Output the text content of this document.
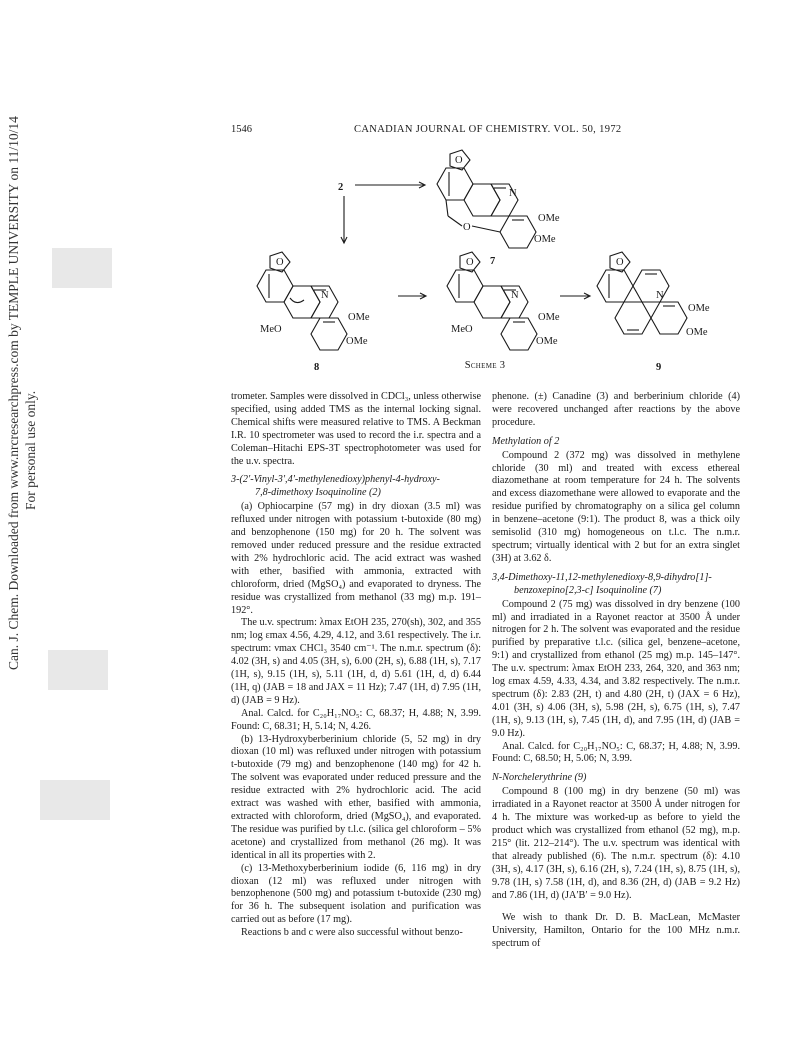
Can. J. Chem. Downloaded from www.nrcresearchpress.com by TEMPLE UNIVERSITY on 11/10/14 For personal use only.
1546	CANADIAN JOURNAL OF CHEMISTRY. VOL. 50, 1972
2
7
8	9
O
N
O
OMe
OMe
O
N
OMe
MeO
OMe
O
N
OMe
MeO
OMe
O
N
OMe
OMe
Scheme 3

trometer. Samples were dissolved in CDCl₃, unless otherwise specified, using added TMS as the internal locking signal. Chemical shifts were measured relative to TMS. A Beckman I.R. 10 spectrometer was used to record the i.r. spectra and a Coleman–Hitachi EPS-3T spectrophotometer was used for the u.v. spectra.

3-(2′-Vinyl-3′,4′-methylenedioxy)phenyl-4-hydroxy-
7,8-dimethoxy Isoquinoline (2)

(a) Ophiocarpine (57 mg) in dry dioxan (3.5 ml) was refluxed under nitrogen with potassium t-butoxide (80 mg) and benzophenone (150 mg) for 20 h. The solvent was removed under reduced pressure and the residue extracted with 2% hydrochloric acid. The acid extract was washed with ether, basified with ammonia, extracted with chloroform, dried (MgSO₄) and evaporated to dryness. The residue was crystallized from methanol (33 mg) m.p. 191–192°.

The u.v. spectrum: λmax EtOH 235, 270(sh), 302, and 355 nm; log εmax 4.56, 4.29, 4.12, and 3.61 respectively. The i.r. spectrum: νmax CHCl₃ 3540 cm⁻¹. The n.m.r. spectrum (δ): 4.02 (3H, s) and 4.05 (3H, s), 6.00 (2H, s), 6.88 (1H, s), 7.17 (1H, s), 9.15 (1H, s), 5.11 (1H, d, d) 5.61 (1H, d, d) 6.44 (1H, q) (JAB = 18 and JAX = 11 Hz); 7.47 (1H, d) 7.95 (1H, d) (JAB = 9 Hz).

Anal. Calcd. for C₂₀H₁₇NO₅: C, 68.37; H, 4.88; N, 3.99. Found: C, 68.31; H, 5.14; N, 4.26.

(b) 13-Hydroxyberberinium chloride (5, 52 mg) in dry dioxan (10 ml) was refluxed under nitrogen with potassium t-butoxide (79 mg) and benzophenone (140 mg) for 42 h. The solvent was evaporated under reduced pressure and the residue extracted with 2% hydrochloric acid. The acid extract was washed with ether, basified with ammonia, extracted with chloroform, dried (MgSO₄), and evaporated. The residue was purified by t.l.c. (silica gel chloroform – 5% acetone) and crystallized from methanol (26 mg). It was identical in all its properties with 2.

(c) 13-Methoxyberberinium iodide (6, 116 mg) in dry dioxan (12 ml) was refluxed under nitrogen with benzophenone (500 mg) and potassium t-butoxide (230 mg) for 36 h. The subsequent isolation and purification was carried out as before (17 mg).

Reactions b and c were also successful without benzo-

phenone. (±) Canadine (3) and berberinium chloride (4) were recovered unchanged after reactions by the above procedure.

Methylation of 2

Compound 2 (372 mg) was dissolved in methylene chloride (30 ml) and treated with excess ethereal diazomethane at room temperature for 24 h. The solvents and excess diazomethane were allowed to evaporate and the residue purified by chromatography on a silica gel column in benzene–acetone (9:1). The product 8, was a thick oily semisolid (310 mg) homogeneous on t.l.c. The n.m.r. spectrum; virtually identical with 2 but for an extra singlet (3H) at 3.62 δ.

3,4-Dimethoxy-11,12-methylenedioxy-8,9-dihydro[1]-

benzoxepino[2,3-c] Isoquinoline (7)

Compound 2 (75 mg) was dissolved in dry benzene (100 ml) and irradiated in a Rayonet reactor at 3500 Å under nitrogen for 2 h. The solvent was evaporated and the residue purified by preparative t.l.c. (silica gel, benzene–acetone, 9:1) and crystallized from ethanol (25 mg) m.p. 145–147°. The u.v. spectrum: λmax EtOH 233, 264, 320, and 363 nm; log εmax 4.59, 4.33, 4.34, and 3.82 respectively. The n.m.r. spectrum (δ): 2.83 (2H, t) and 4.80 (2H, t) (JAX = 6 Hz), 4.01 (3H, s) 4.06 (3H, s), 5.98 (2H, s), 6.75 (1H, s), 7.47 (1H, s), 9.13 (1H, s), 7.45 (1H, d), and 7.95 (1H, d) (JAB = 9.0 Hz).

Anal. Calcd. for C₂₀H₁₇NO₅: C, 68.37; H, 4.88; N, 3.99. Found: C, 68.50; H, 5.06; N, 3.99.

N-Norchelerythrine (9)

Compound 8 (100 mg) in dry benzene (50 ml) was irradiated in a Rayonet reactor at 3500 Å under nitrogen for 4 h. The mixture was worked-up as before to yield the product which was crystallized from ethanol (52 mg), m.p. 215° (lit. 212–214°). The u.v. spectrum was identical with that already published (6). The n.m.r. spectrum (δ): 4.10 (3H, s), 4.17 (3H, s), 6.16 (2H, s), 7.24 (1H, s), 8.75 (1H, s), 9.78 (1H, s) 7.58 (1H, d), and 8.36 (2H, d) (JAB = 9.2 Hz) and 7.86 (1H, d) (JA′B′ = 9.0 Hz).

We wish to thank Dr. D. B. MacLean, McMaster University, Hamilton, Ontario for the 100 MHz n.m.r. spectrum of
